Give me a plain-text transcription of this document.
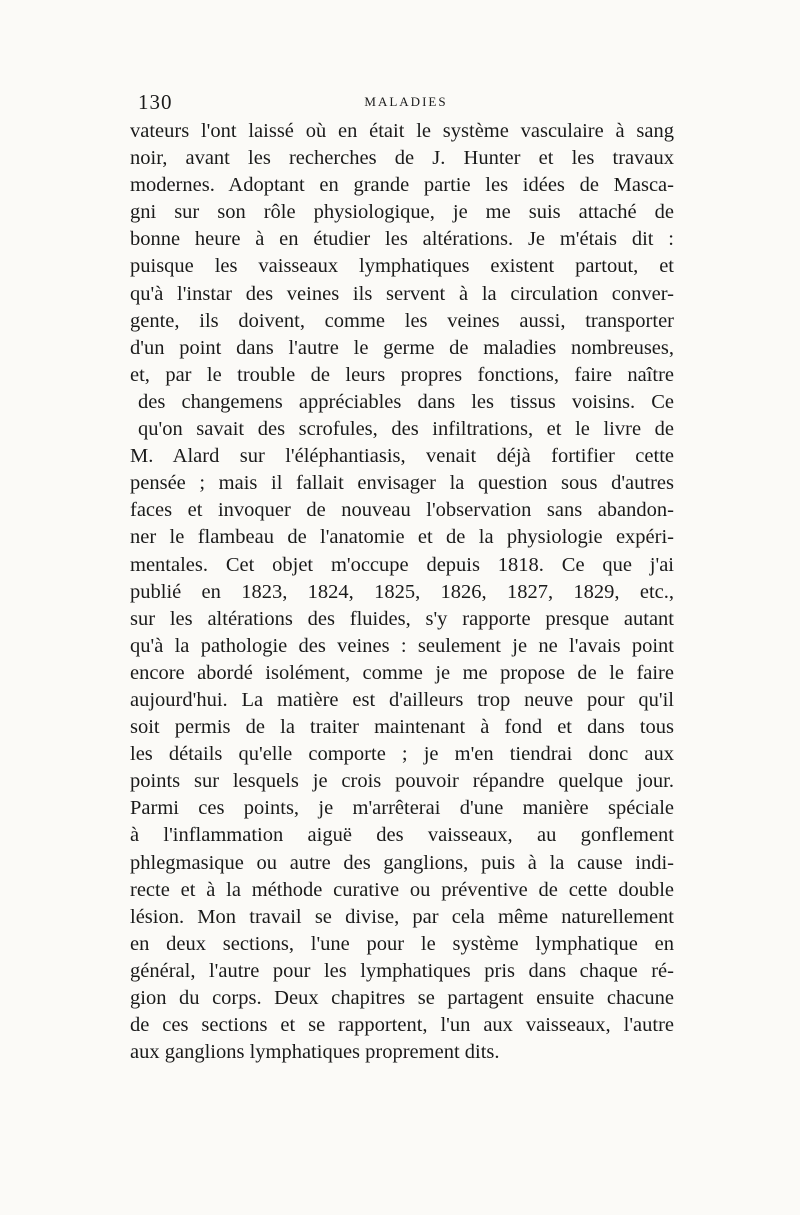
130	MALADIES
vateurs l'ont laissé où en était le système vasculaire à sang
noir, avant les recherches de J. Hunter et les travaux
modernes. Adoptant en grande partie les idées de Masca-
gni sur son rôle physiologique, je me suis attaché de
bonne heure à en étudier les altérations. Je m'étais dit :
puisque les vaisseaux lymphatiques existent partout, et
qu'à l'instar des veines ils servent à la circulation conver-
gente, ils doivent, comme les veines aussi, transporter
d'un point dans l'autre le germe de maladies nombreuses,
et, par le trouble de leurs propres fonctions, faire naître
des changemens appréciables dans les tissus voisins. Ce
qu'on savait des scrofules, des infiltrations, et le livre de
M. Alard sur l'éléphantiasis, venait déjà fortifier cette
pensée ; mais il fallait envisager la question sous d'autres
faces et invoquer de nouveau l'observation sans abandon-
ner le flambeau de l'anatomie et de la physiologie expéri-
mentales. Cet objet m'occupe depuis 1818. Ce que j'ai
publié en 1823, 1824, 1825, 1826, 1827, 1829, etc.,
sur les altérations des fluides, s'y rapporte presque autant
qu'à la pathologie des veines : seulement je ne l'avais point
encore abordé isolément, comme je me propose de le faire
aujourd'hui. La matière est d'ailleurs trop neuve pour qu'il
soit permis de la traiter maintenant à fond et dans tous
les détails qu'elle comporte ; je m'en tiendrai donc aux
points sur lesquels je crois pouvoir répandre quelque jour.
Parmi ces points, je m'arrêterai d'une manière spéciale
à l'inflammation aiguë des vaisseaux, au gonflement
phlegmasique ou autre des ganglions, puis à la cause indi-
recte et à la méthode curative ou préventive de cette double
lésion. Mon travail se divise, par cela même naturellement
en deux sections, l'une pour le système lymphatique en
général, l'autre pour les lymphatiques pris dans chaque ré-
gion du corps. Deux chapitres se partagent ensuite chacune
de ces sections et se rapportent, l'un aux vaisseaux, l'autre
aux ganglions lymphatiques proprement dits.
